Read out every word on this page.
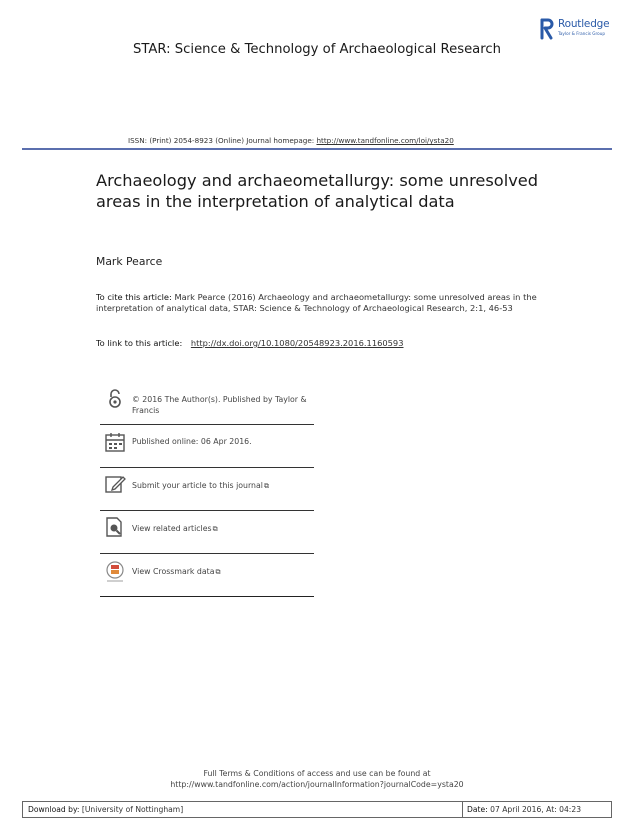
Routledge
Taylor & Francis Group
STAR: Science & Technology of Archaeological Research
ISSN: (Print) 2054-8923 (Online) Journal homepage: http://www.tandfonline.com/loi/ysta20
Archaeology and archaeometallurgy: some unresolved areas in the interpretation of analytical data
Mark Pearce
To cite this article: Mark Pearce (2016) Archaeology and archaeometallurgy: some unresolved areas in the interpretation of analytical data, STAR: Science & Technology of Archaeological Research, 2:1, 46-53
To link to this article: http://dx.doi.org/10.1080/20548923.2016.1160593
© 2016 The Author(s). Published by Taylor & Francis
Published online: 06 Apr 2016.
Submit your article to this journal⧉
View related articles⧉
View Crossmark data⧉
Full Terms & Conditions of access and use can be found at
http://www.tandfonline.com/action/journalInformation?journalCode=ysta20
Download by: [University of Nottingham]	Date: 07 April 2016, At: 04:23
